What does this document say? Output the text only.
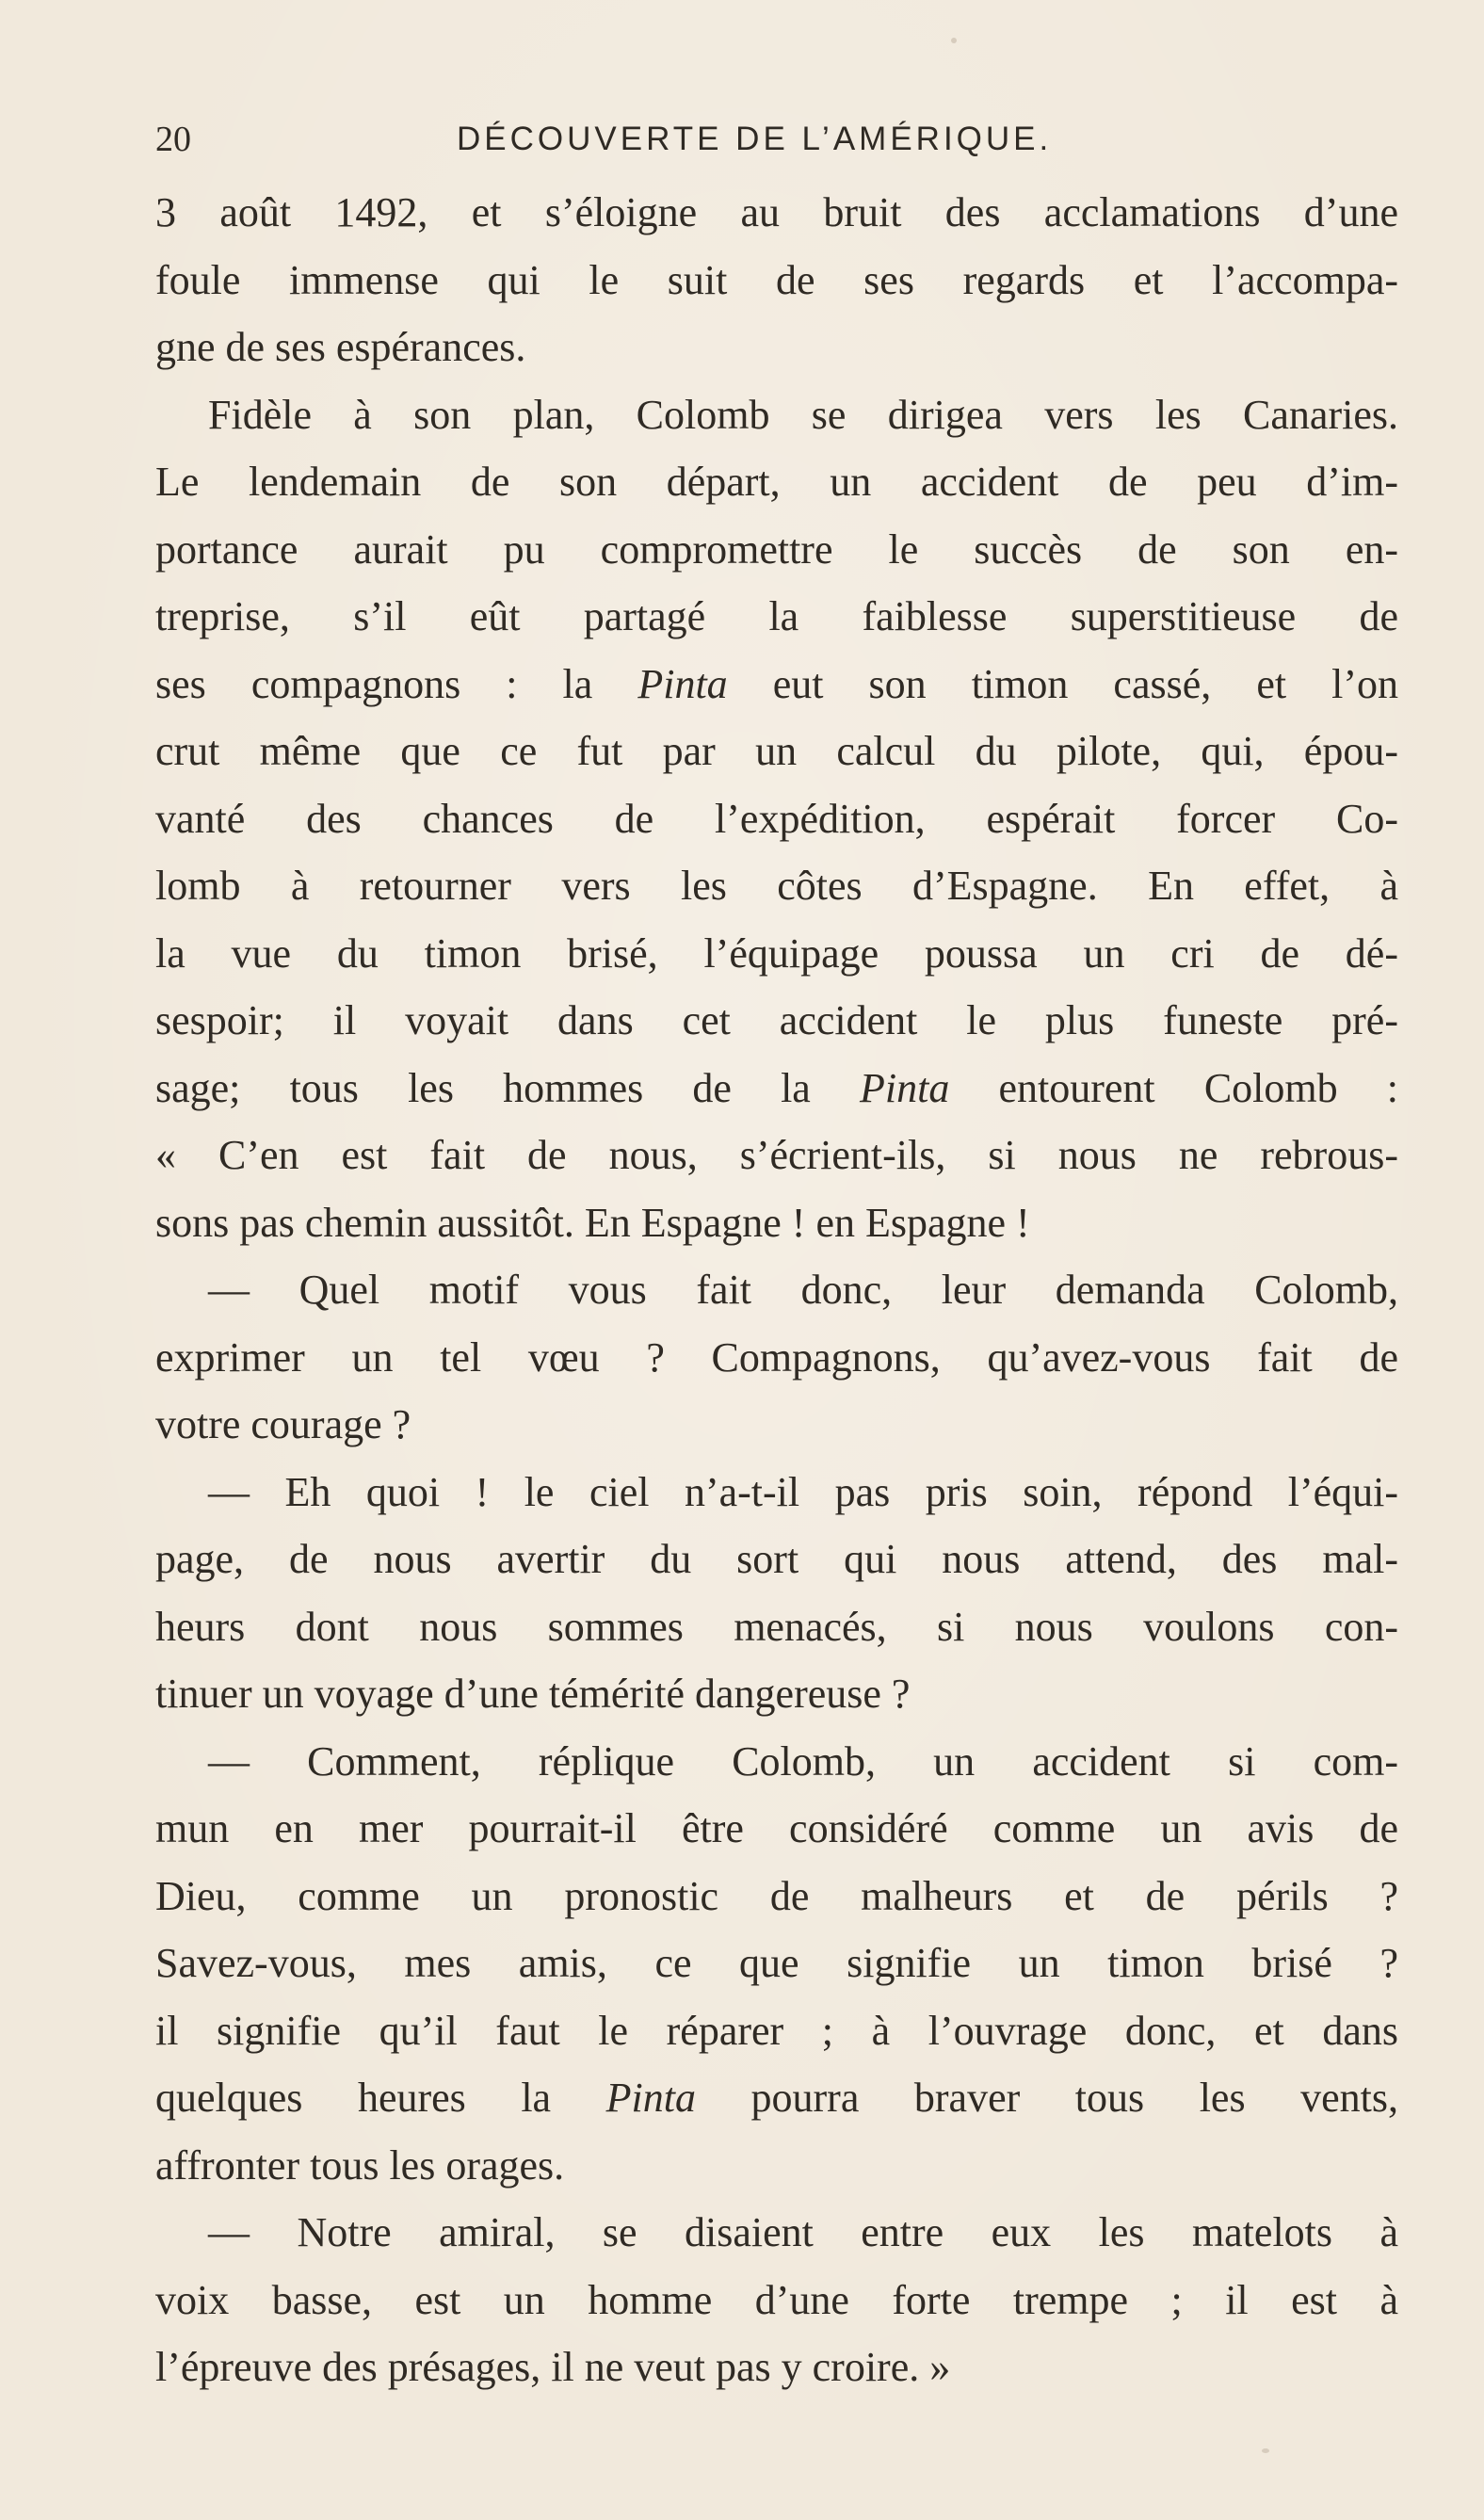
20	DÉCOUVERTE DE L’AMÉRIQUE.
3 août 1492, et s’éloigne au bruit des acclamations d’une
foule immense qui le suit de ses regards et l’accompa-
gne de ses espérances.
Fidèle à son plan, Colomb se dirigea vers les Canaries.
Le lendemain de son départ, un accident de peu d’im-
portance aurait pu compromettre le succès de son en-
treprise, s’il eût partagé la faiblesse superstitieuse de
ses compagnons : la Pinta eut son timon cassé, et l’on
crut même que ce fut par un calcul du pilote, qui, épou-
vanté des chances de l’expédition, espérait forcer Co-
lomb à retourner vers les côtes d’Espagne. En effet, à
la vue du timon brisé, l’équipage poussa un cri de dé-
sespoir; il voyait dans cet accident le plus funeste pré-
sage; tous les hommes de la Pinta entourent Colomb :
« C’en est fait de nous, s’écrient-ils, si nous ne rebrous-
sons pas chemin aussitôt. En Espagne ! en Espagne !
— Quel motif vous fait donc, leur demanda Colomb,
exprimer un tel vœu ? Compagnons, qu’avez-vous fait de
votre courage ?
— Eh quoi ! le ciel n’a-t-il pas pris soin, répond l’équi-
page, de nous avertir du sort qui nous attend, des mal-
heurs dont nous sommes menacés, si nous voulons con-
tinuer un voyage d’une témérité dangereuse ?
— Comment, réplique Colomb, un accident si com-
mun en mer pourrait-il être considéré comme un avis de
Dieu, comme un pronostic de malheurs et de périls ?
Savez-vous, mes amis, ce que signifie un timon brisé ?
il signifie qu’il faut le réparer ; à l’ouvrage donc, et dans
quelques heures la Pinta pourra braver tous les vents,
affronter tous les orages.
— Notre amiral, se disaient entre eux les matelots à
voix basse, est un homme d’une forte trempe ; il est à
l’épreuve des présages, il ne veut pas y croire. »
